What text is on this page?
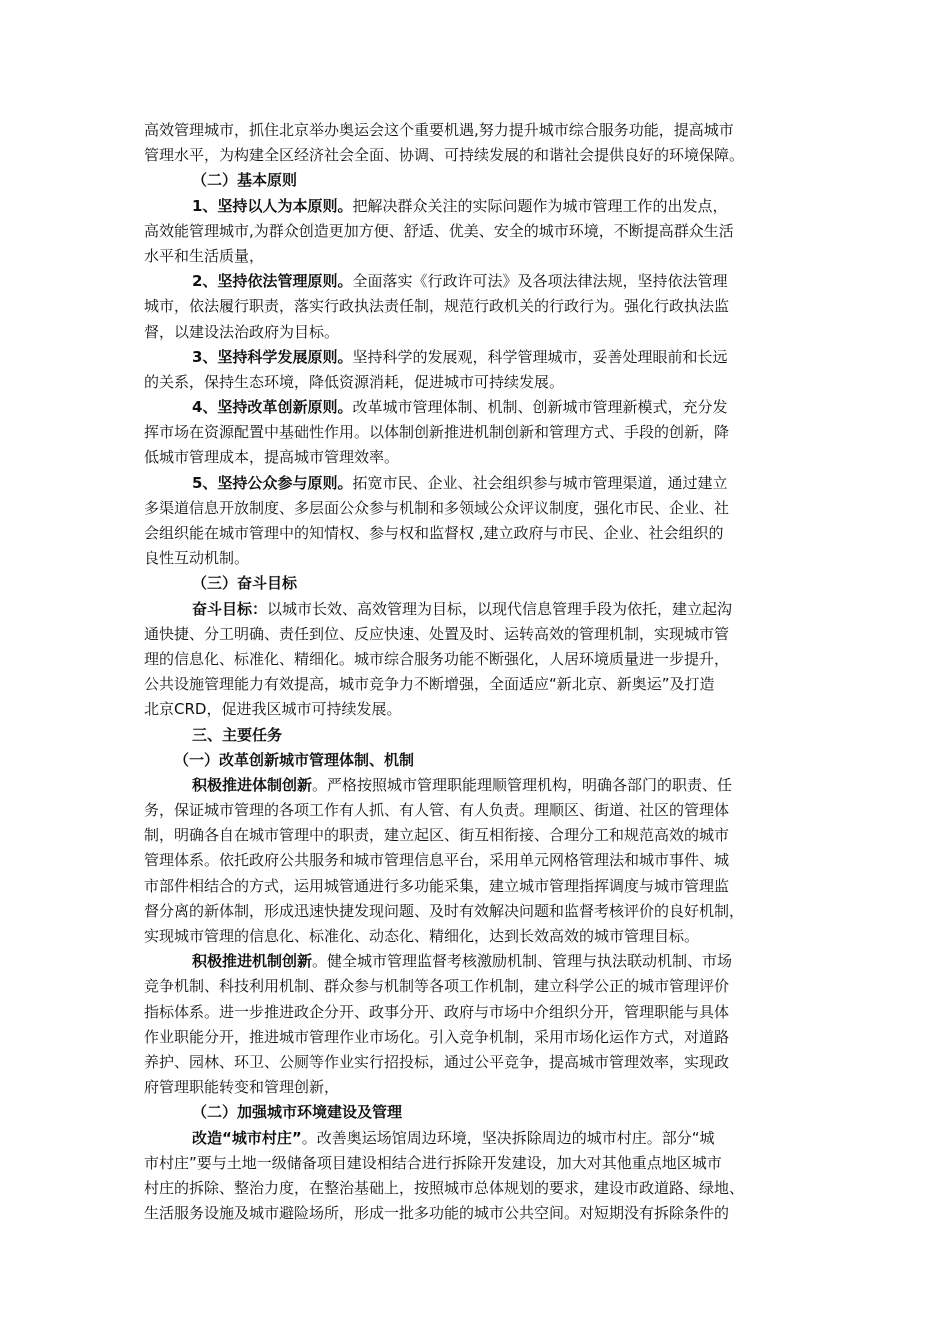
高效管理城市，抓住北京举办奥运会这个重要机遇,努力提升城市综合服务功能，提高城市
管理水平，为构建全区经济社会全面、协调、可持续发展的和谐社会提供良好的环境保障。
（二）基本原则
1、坚持以人为本原则。把解决群众关注的实际问题作为城市管理工作的出发点，
高效能管理城市,为群众创造更加方便、舒适、优美、安全的城市环境，不断提高群众生活
水平和生活质量，
2、坚持依法管理原则。全面落实《行政许可法》及各项法律法规，坚持依法管理
城市，依法履行职责，落实行政执法责任制，规范行政机关的行政行为。强化行政执法监
督，以建设法治政府为目标。
3、坚持科学发展原则。坚持科学的发展观，科学管理城市，妥善处理眼前和长远
的关系，保持生态环境，降低资源消耗，促进城市可持续发展。
4、坚持改革创新原则。改革城市管理体制、机制、创新城市管理新模式，充分发
挥市场在资源配置中基础性作用。以体制创新推进机制创新和管理方式、手段的创新，降
低城市管理成本，提高城市管理效率。
5、坚持公众参与原则。拓宽市民、企业、社会组织参与城市管理渠道，通过建立
多渠道信息开放制度、多层面公众参与机制和多领域公众评议制度，强化市民、企业、社
会组织能在城市管理中的知情权、参与权和监督权 ,建立政府与市民、企业、社会组织的
良性互动机制。
（三）奋斗目标
奋斗目标：以城市长效、高效管理为目标，以现代信息管理手段为依托，建立起沟
通快捷、分工明确、责任到位、反应快速、处置及时、运转高效的管理机制，实现城市管
理的信息化、标准化、精细化。城市综合服务功能不断强化，人居环境质量进一步提升，
公共设施管理能力有效提高，城市竞争力不断增强，全面适应“新北京、新奥运”及打造
北京CRD，促进我区城市可持续发展。
三、主要任务
（一）改革创新城市管理体制、机制
积极推进体制创新。严格按照城市管理职能理顺管理机构，明确各部门的职责、任
务，保证城市管理的各项工作有人抓、有人管、有人负责。理顺区、街道、社区的管理体
制，明确各自在城市管理中的职责，建立起区、街互相衔接、合理分工和规范高效的城市
管理体系。依托政府公共服务和城市管理信息平台，采用单元网格管理法和城市事件、城
市部件相结合的方式，运用城管通进行多功能采集，建立城市管理指挥调度与城市管理监
督分离的新体制，形成迅速快捷发现问题、及时有效解决问题和监督考核评价的良好机制，
实现城市管理的信息化、标准化、动态化、精细化，达到长效高效的城市管理目标。
积极推进机制创新。健全城市管理监督考核激励机制、管理与执法联动机制、市场
竞争机制、科技利用机制、群众参与机制等各项工作机制，建立科学公正的城市管理评价
指标体系。进一步推进政企分开、政事分开、政府与市场中介组织分开，管理职能与具体
作业职能分开，推进城市管理作业市场化。引入竞争机制，采用市场化运作方式，对道路
养护、园林、环卫、公厕等作业实行招投标，通过公平竞争，提高城市管理效率，实现政
府管理职能转变和管理创新，
（二）加强城市环境建设及管理
改造“城市村庄”。改善奥运场馆周边环境，坚决拆除周边的城市村庄。部分“城
市村庄”要与土地一级储备项目建设相结合进行拆除开发建设，加大对其他重点地区城市
村庄的拆除、整治力度，在整治基础上，按照城市总体规划的要求，建设市政道路、绿地、
生活服务设施及城市避险场所，形成一批多功能的城市公共空间。对短期没有拆除条件的
